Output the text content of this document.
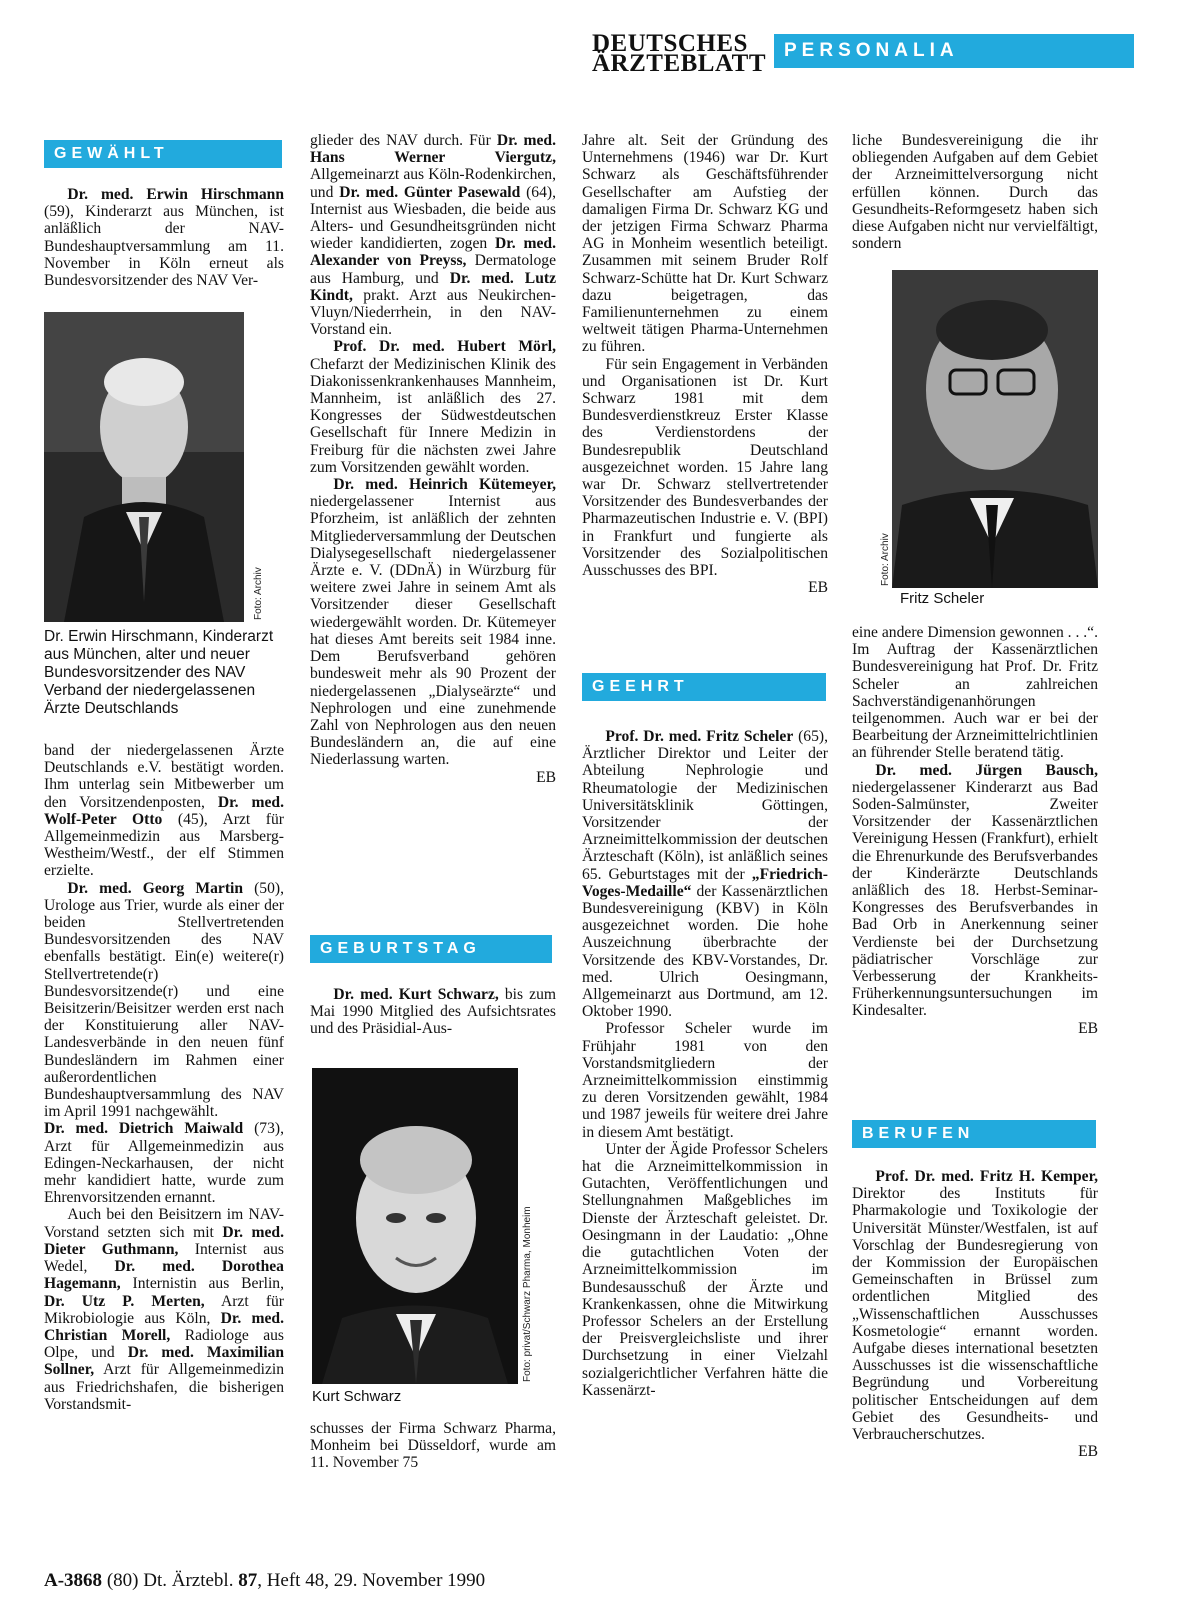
DEUTSCHES
ÄRZTEBLATT PERSONALIA
GEWÄHLT

Dr. med. Erwin Hirschmann (59), Kinderarzt aus München, ist anläßlich der NAV-Bundeshauptversammlung am 11. November in Köln erneut als Bundesvorsitzender des NAV Ver-

Foto: Archiv
Dr. Erwin Hirschmann, Kinderarzt aus München, alter und neuer Bundesvorsitzender des NAV Verband der niedergelassenen Ärzte Deutschlands

band der niedergelassenen Ärzte Deutschlands e.V. bestätigt worden. Ihm unterlag sein Mitbewerber um den Vorsitzendenposten, Dr. med. Wolf-Peter Otto (45), Arzt für Allgemeinmedizin aus Marsberg-Westheim/Westf., der elf Stimmen erzielte.

Dr. med. Georg Martin (50), Urologe aus Trier, wurde als einer der beiden Stellvertretenden Bundesvorsitzenden des NAV ebenfalls bestätigt. Ein(e) weitere(r) Stellvertretende(r) Bundesvorsitzende(r) und eine Beisitzerin/Beisitzer werden erst nach der Konstituierung aller NAV-Landesverbände in den neuen fünf Bundesländern im Rahmen einer außerordentlichen Bundeshauptversammlung des NAV im April 1991 nachgewählt.

Dr. med. Dietrich Maiwald (73), Arzt für Allgemeinmedizin aus Edingen-Neckarhausen, der nicht mehr kandidiert hatte, wurde zum Ehrenvorsitzenden ernannt.

Auch bei den Beisitzern im NAV-Vorstand setzten sich mit Dr. med. Dieter Guthmann, Internist aus Wedel, Dr. med. Dorothea Hagemann, Internistin aus Berlin, Dr. Utz P. Merten, Arzt für Mikrobiologie aus Köln, Dr. med. Christian Morell, Radiologe aus Olpe, und Dr. med. Maximilian Sollner, Arzt für Allgemeinmedizin aus Friedrichshafen, die bisherigen Vorstandsmit-

glieder des NAV durch. Für Dr. med. Hans Werner Viergutz, Allgemeinarzt aus Köln-Rodenkirchen, und Dr. med. Günter Pasewald (64), Internist aus Wiesbaden, die beide aus Alters- und Gesundheitsgründen nicht wieder kandidierten, zogen Dr. med. Alexander von Preyss, Dermatologe aus Hamburg, und Dr. med. Lutz Kindt, prakt. Arzt aus Neukirchen-Vluyn/Niederrhein, in den NAV-Vorstand ein.

Prof. Dr. med. Hubert Mörl, Chefarzt der Medizinischen Klinik des Diakonissenkrankenhauses Mannheim, Mannheim, ist anläßlich des 27. Kongresses der Südwestdeutschen Gesellschaft für Innere Medizin in Freiburg für die nächsten zwei Jahre zum Vorsitzenden gewählt worden.

Dr. med. Heinrich Kütemeyer, niedergelassener Internist aus Pforzheim, ist anläßlich der zehnten Mitgliederversammlung der Deutschen Dialysegesellschaft niedergelassener Ärzte e. V. (DDnÄ) in Würzburg für weitere zwei Jahre in seinem Amt als Vorsitzender dieser Gesellschaft wiedergewählt worden. Dr. Kütemeyer hat dieses Amt bereits seit 1984 inne. Dem Berufsverband gehören bundesweit mehr als 90 Prozent der niedergelassenen „Dialyseärzte“ und Nephrologen und eine zunehmende Zahl von Nephrologen aus den neuen Bundesländern an, die auf eine Niederlassung warten.

EB
GEBURTSTAG

Dr. med. Kurt Schwarz, bis zum Mai 1990 Mitglied des Aufsichtsrates und des Präsidial-Aus-

Foto: privat/Schwarz Pharma, Monheim
Kurt Schwarz

schusses der Firma Schwarz Pharma, Monheim bei Düsseldorf, wurde am 11. November 75

Jahre alt. Seit der Gründung des Unternehmens (1946) war Dr. Kurt Schwarz als Geschäftsführender Gesellschafter am Aufstieg der damaligen Firma Dr. Schwarz KG und der jetzigen Firma Schwarz Pharma AG in Monheim wesentlich beteiligt. Zusammen mit seinem Bruder Rolf Schwarz-Schütte hat Dr. Kurt Schwarz dazu beigetragen, das Familienunternehmen zu einem weltweit tätigen Pharma-Unternehmen zu führen.

Für sein Engagement in Verbänden und Organisationen ist Dr. Kurt Schwarz 1981 mit dem Bundesverdienstkreuz Erster Klasse des Verdienstordens der Bundesrepublik Deutschland ausgezeichnet worden. 15 Jahre lang war Dr. Schwarz stellvertretender Vorsitzender des Bundesverbandes der Pharmazeutischen Industrie e. V. (BPI) in Frankfurt und fungierte als Vorsitzender des Sozialpolitischen Ausschusses des BPI.

EB
GEEHRT

Prof. Dr. med. Fritz Scheler (65), Ärztlicher Direktor und Leiter der Abteilung Nephrologie und Rheumatologie der Medizinischen Universitätsklinik Göttingen, Vorsitzender der Arzneimittelkommission der deutschen Ärzteschaft (Köln), ist anläßlich seines 65. Geburtstages mit der „Friedrich-Voges-Medaille“ der Kassenärztlichen Bundesvereinigung (KBV) in Köln ausgezeichnet worden. Die hohe Auszeichnung überbrachte der Vorsitzende des KBV-Vorstandes, Dr. med. Ulrich Oesingmann, Allgemeinarzt aus Dortmund, am 12. Oktober 1990.

Professor Scheler wurde im Frühjahr 1981 von den Vorstandsmitgliedern der Arzneimittelkommission einstimmig zu deren Vorsitzenden gewählt, 1984 und 1987 jeweils für weitere drei Jahre in diesem Amt bestätigt.

Unter der Ägide Professor Schelers hat die Arzneimittelkommission in Gutachten, Veröffentlichungen und Stellungnahmen Maßgebliches im Dienste der Ärzteschaft geleistet. Dr. Oesingmann in der Laudatio: „Ohne die gutachtlichen Voten der Arzneimittelkommission im Bundesausschuß der Ärzte und Krankenkassen, ohne die Mitwirkung Professor Schelers an der Erstellung der Preisvergleichsliste und ihrer Durchsetzung in einer Vielzahl sozialgerichtlicher Verfahren hätte die Kassenärzt-

liche Bundesvereinigung die ihr obliegenden Aufgaben auf dem Gebiet der Arzneimittelversorgung nicht erfüllen können. Durch das Gesundheits-Reformgesetz haben sich diese Aufgaben nicht nur vervielfältigt, sondern

Foto: Archiv
Fritz Scheler

eine andere Dimension gewonnen . . .“. Im Auftrag der Kassenärztlichen Bundesvereinigung hat Prof. Dr. Fritz Scheler an zahlreichen Sachverständigenanhörungen teilgenommen. Auch war er bei der Bearbeitung der Arzneimittelrichtlinien an führender Stelle beratend tätig.

Dr. med. Jürgen Bausch, niedergelassener Kinderarzt aus Bad Soden-Salmünster, Zweiter Vorsitzender der Kassenärztlichen Vereinigung Hessen (Frankfurt), erhielt die Ehrenurkunde des Berufsverbandes der Kinderärzte Deutschlands anläßlich des 18. Herbst-Seminar-Kongresses des Berufsverbandes in Bad Orb in Anerkennung seiner Verdienste bei der Durchsetzung pädiatrischer Vorschläge zur Verbesserung der Krankheits-Früherkennungsuntersuchungen im Kindesalter.

EB
BERUFEN

Prof. Dr. med. Fritz H. Kemper, Direktor des Instituts für Pharmakologie und Toxikologie der Universität Münster/Westfalen, ist auf Vorschlag der Bundesregierung von der Kommission der Europäischen Gemeinschaften in Brüssel zum ordentlichen Mitglied des „Wissenschaftlichen Ausschusses Kosmetologie“ ernannt worden. Aufgabe dieses international besetzten Ausschusses ist die wissenschaftliche Begründung und Vorbereitung politischer Entscheidungen auf dem Gebiet des Gesundheits- und Verbraucherschutzes.

EB
A-3868 (80) Dt. Ärztebl. 87, Heft 48, 29. November 1990
